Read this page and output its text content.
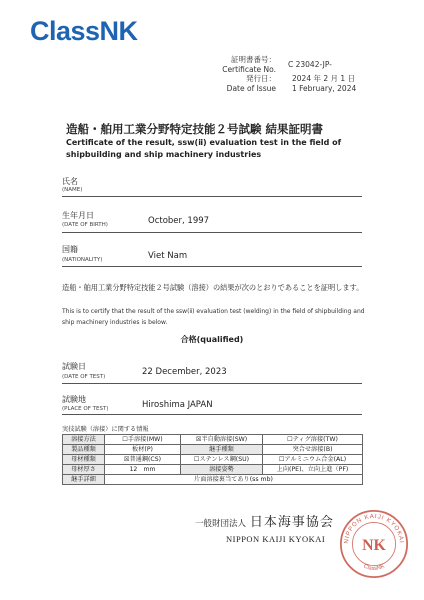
ClassNK
証明書番号：
Certificate No.
C 23042-JP-
発行日：
Date of Issue
2024 年 2 月 1 日
1 February, 2024
造船・舶用工業分野特定技能２号試験 結果証明書
Certificate of the result, ssw(ⅱ) evaluation test in the field of
shipbuilding and ship machinery industries
氏名
(NAME)
生年月日
(DATE OF BIRTH)	October, 1997
国籍
(NATIONALITY)	Viet Nam
造船・舶用工業分野特定技能２号試験（溶接）の結果が次のとおりであることを証明します。
This is to certify that the result of the ssw(ⅱ) evaluation test (welding) in the field of shipbuilding and ship machinery industries is below.
合格(qualified)
試験日
(DATE OF TEST)	22 December, 2023
試験地
(PLACE OF TEST)	Hiroshima JAPAN
実技試験（溶接）に関する情報
溶接方法	☐手溶接(MW)	☒半自動溶接(SW)	☐ティグ溶接(TW)
製品種類	板材(P)	継手種類	突合せ溶接(B)
母材種類	☒普通鋼(CS)	☐ステンレス鋼(SU)	☐アルミニウム合金(AL)
母材厚さ	12　mm	溶接姿勢	上向(PE)、立向上進（PF)
継手詳細	片面溶接裏当てあり(ss mb)		
一般財団法人 日本海事協会
NIPPON KAIJI KYOKAI NIPPON KAIJI KYOKAI
ClassNK
NK
